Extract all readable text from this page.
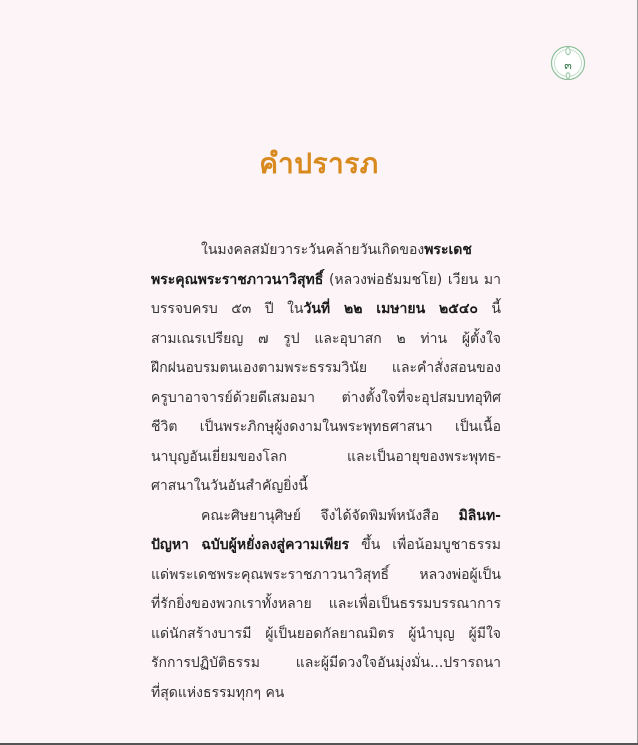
๓
คำปรารภ
ในมงคลสมัยวาระวันคล้ายวันเกิดของพระเดช
พระคุณพระราชภาวนาวิสุทธิ์ (หลวงพ่อธัมมชโย) เวียน มา
บรรจบครบ ๕๓ ปี ในวันที่ ๒๒ เมษายน ๒๕๔๐ นี้
สามเณรเปรียญ ๗ รูป และอุบาสก ๒ ท่าน ผู้ตั้งใจ
ฝึกฝนอบรมตนเองตามพระธรรมวินัย และคำสั่งสอนของ
ครูบาอาจารย์ด้วยดีเสมอมา ต่างตั้งใจที่จะอุปสมบทอุทิศ
ชีวิต เป็นพระภิกษุผู้งดงามในพระพุทธศาสนา เป็นเนื้อ
นาบุญอันเยี่ยมของโลก และเป็นอายุของพระพุทธ-
ศาสนาในวันอันสำคัญยิ่งนี้
คณะศิษยานุศิษย์ จึงได้จัดพิมพ์หนังสือ มิลินท-
ปัญหา ฉบับผู้หยั่งลงสู่ความเพียร ขึ้น เพื่อน้อมบูชาธรรม
แด่พระเดชพระคุณพระราชภาวนาวิสุทธิ์ หลวงพ่อผู้เป็น
ที่รักยิ่งของพวกเราทั้งหลาย และเพื่อเป็นธรรมบรรณาการ
แด่นักสร้างบารมี ผู้เป็นยอดกัลยาณมิตร ผู้นำบุญ ผู้มีใจ
รักการปฏิบัติธรรม และผู้มีดวงใจอันมุ่งมั่น...ปรารถนา
ที่สุดแห่งธรรมทุกๆ คน
